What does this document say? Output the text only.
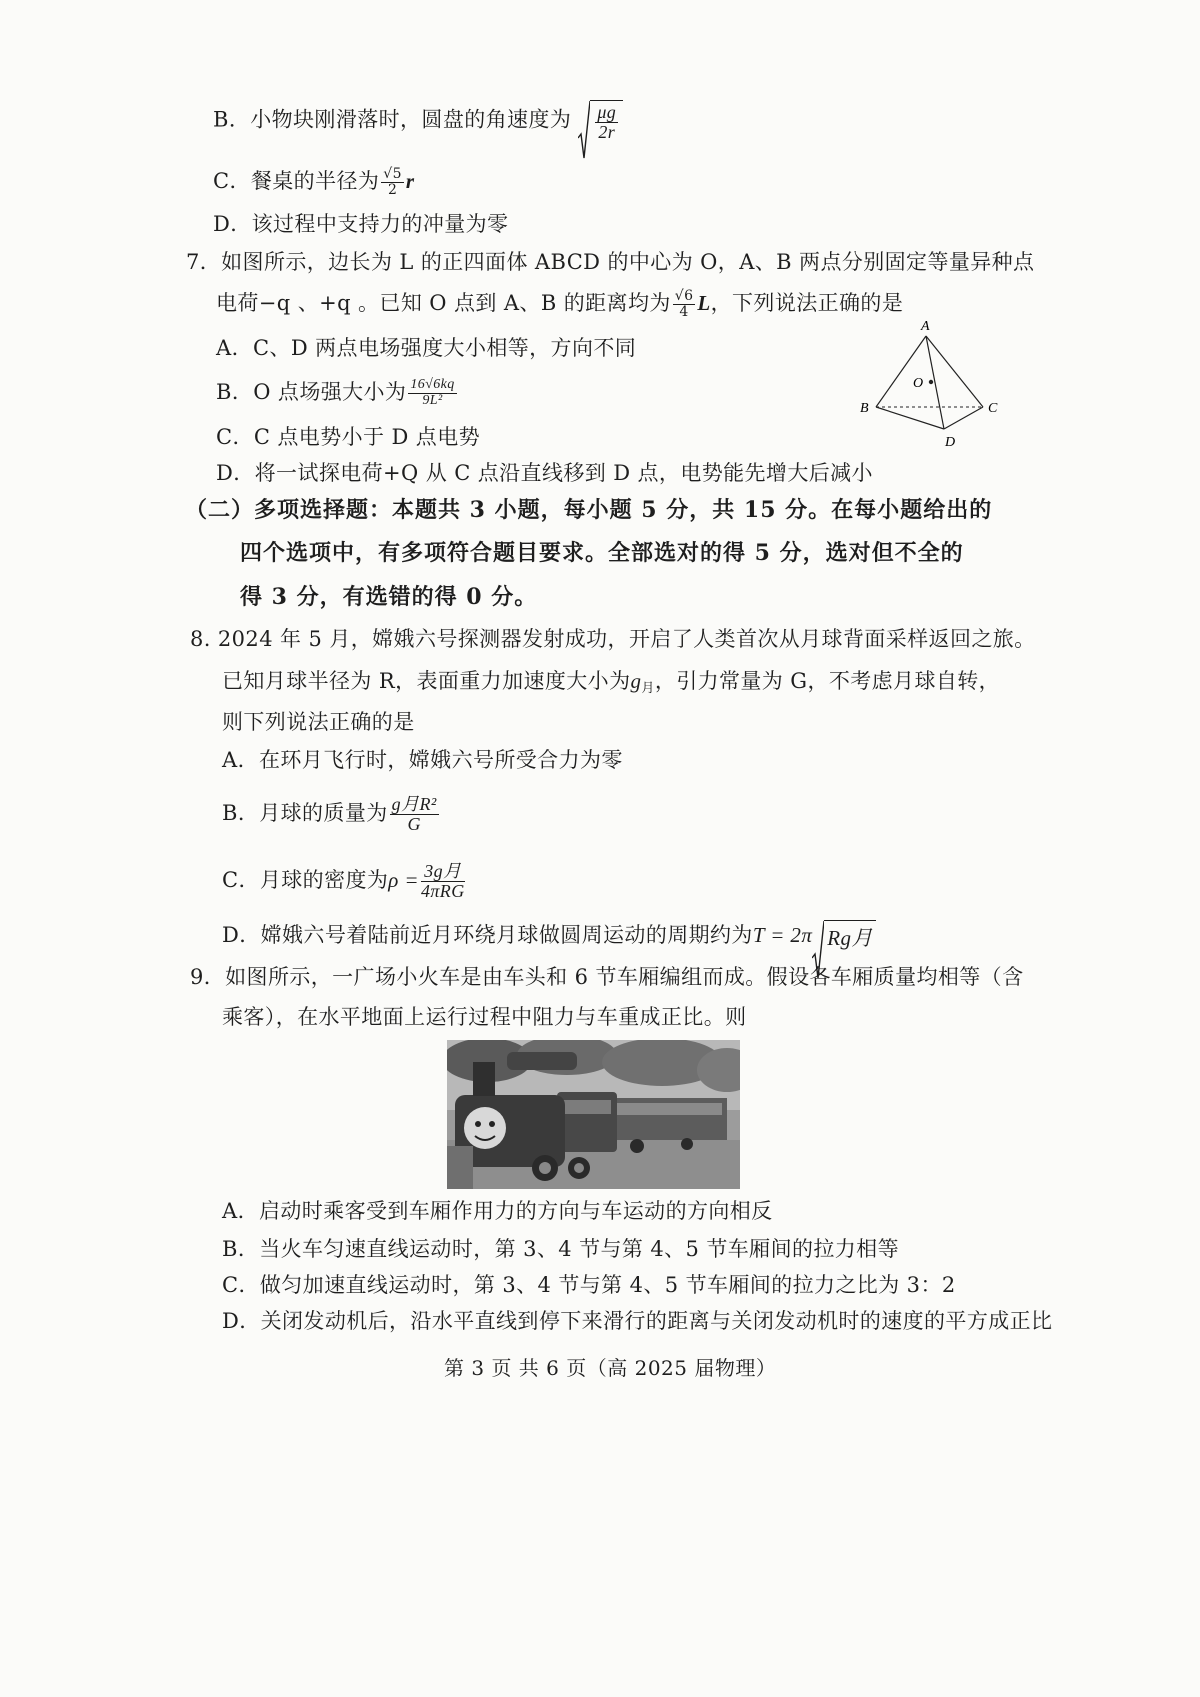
B．小物块刚滑落时，圆盘的角速度为 $\frac{\mu g}{2r}$
C．餐桌的半径为 $\frac{√5}{2}$ r
D．该过程中支持力的冲量为零
7．如图所示，边长为 L 的正四面体 ABCD 的中心为 O，A、B 两点分别固定等量异种点
电荷−q 、+q 。已知 O 点到 A、B 的距离均为 $\frac{√6}{4}$ L，下列说法正确的是
A．C、D 两点电场强度大小相等，方向不同
B．O 点场强大小为 $\frac{16√6kq}{\text{9L²}}$
C．C 点电势小于 D 点电势
D．将一试探电荷+Q 从 C 点沿直线移到 D 点，电势能先增大后减小
A
B	C
D
O
（二）多项选择题：本题共 3 小题，每小题 5 分，共 15 分。在每小题给出的
四个选项中，有多项符合题目要求。全部选对的得 5 分，选对但不全的
得 3 分，有选错的得 0 分。
8. 2024 年 5 月，嫦娥六号探测器发射成功，开启了人类首次从月球背面采样返回之旅。
已知月球半径为 R，表面重力加速度大小为$g_月$，引力常量为 G，不考虑月球自转，
则下列说法正确的是
A．在环月飞行时，嫦娥六号所受合力为零
B．月球的质量为 $\frac{\text{g月R²}}{G}$
C．月球的密度为$\rho = \frac{\text{3g月}}{\text{4πRG}}$
D．嫦娥六号着陆前近月环绕月球做圆周运动的周期约为T = 2π Rg月
9．如图所示，一广场小火车是由车头和 6 节车厢编组而成。假设各车厢质量均相等（含
乘客），在水平地面上运行过程中阻力与车重成正比。则
A．启动时乘客受到车厢作用力的方向与车运动的方向相反
B．当火车匀速直线运动时，第 3、4 节与第 4、5 节车厢间的拉力相等
C．做匀加速直线运动时，第 3、4 节与第 4、5 节车厢间的拉力之比为 3：2
D．关闭发动机后，沿水平直线到停下来滑行的距离与关闭发动机时的速度的平方成正比
第 3 页 共 6 页（高 2025 届物理）
